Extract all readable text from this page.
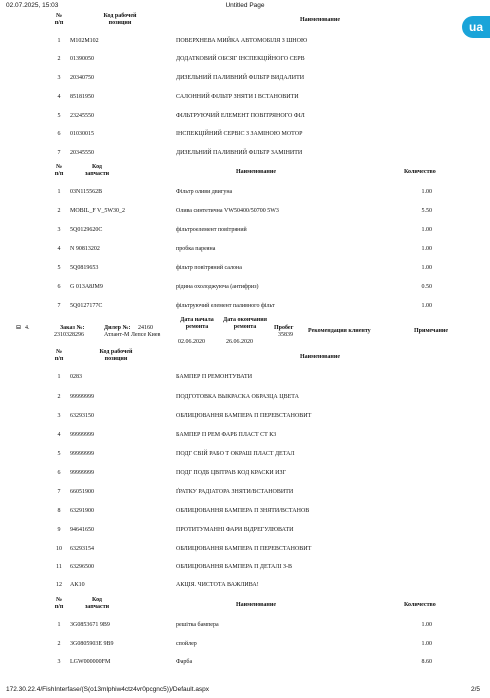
02.07.2025, 15:03	Untitled Page
ua
№ п/п
Код рабочей позиции	Наименование
1	M102M102	ПОВЕРХНЕВА МИЙКА АВТОМОБІЛЯ З ШНОЮ
2	01390050	ДОДАТКОВИЙ ОБСЯГ ІНСПЕКЦІЙНОГО СЕРВ
3	20340750	ДИЗЕЛЬНИЙ ПАЛИВНИЙ ФІЛЬТР ВИДАЛИТИ
4	85181950	САЛОННИЙ ФІЛЬТР ЗНЯТИ І ВСТАНОВИТИ
5	23245550	ФІЛЬТРУЮЧИЙ ЕЛЕМЕНТ ПОВІТРЯНОГО ФІЛ
6	01030015	ІНСПЕКЦІЙНИЙ СЕРВІС З ЗАМІНОЮ МОТОР
7	20345550	ДИЗЕЛЬНИЙ ПАЛИВНИЙ ФІЛЬТР ЗАМІНИТИ
№ п/п
Код запчасти	Наименование	Количество
1	03N115562B	Фільтр оливи двигуна	1.00
2	MOBIL_F V_5W30_2	Олива синтетична VW50400/50700 5W3	5.50
3	5Q0129620C	фільтроелемент повітряний	1.00
4	N 90813202	пробка пареяна	1.00
5	5Q0819653	фільтр повітряний салона	1.00
6	G 013A8JM9	рідина охолоджуюча (антифриз)	0.50
7	5Q0127177C	фільтруючий елемент паливного фільт	1.00
⊟ 4.	Заказ №:
2310328296
Дилер №: 24160
Атлант-М Лепсе Киев
Дата начала ремонта
02.06.2020
Дата окончания ремонта
26.06.2020
Пробег
35839
Рекомендация клиенту	Примечание
№ п/п
Код рабочей позиции	Наименование
1	0283	БАМПЕР П РЕМОНТУВАТИ
2	99999999	ПОДГОТОВКА ВЫКРАСКА ОБРАЗЦА ЦВЕТА
3	63293150	ОБЛИЦЮВАННЯ БАМПЕРА П ПЕРЕВСТАНОВИТ
4	99999999	БАМПЕР П РЕМ ФАРБ ПЛАСТ СТ К3
5	99999999	ПОДГ СВІЙ РАБО Т ОКРАШ ПЛАСТ ДЕТАЛ
6	99999999	ПОДГ ПОДБ ЦВІТРАВ КОД КРАСКИ ИЗГ
7	66051900	ҐРАТКУ РАДІАТОРА ЗНЯТИ/ВСТАНОВИТИ
8	63291900	ОБЛИЦЮВАННЯ БАМПЕРА П ЗНЯТИ/ВСТАНОВ
9	94641650	ПРОТИТУМАННІ ФАРИ ВІДРЕГУЛЮВАТИ
10	63293154	ОБЛИЦЮВАННЯ БАМПЕРА П ПЕРЕВСТАНОВИТ
11	63296500	ОБЛИЦЮВАННЯ БАМПЕРА П ДЕТАЛІ З-В
12	AK10	АКЦІЯ. ЧИСТОТА ВАЖЛИВА!
№ п/п
Код запчасти	Наименование	Количество
1	3G0853671 9B9	решітка бампера	1.00
2	3G0805903E 9B9	спойлер	1.00
3	LGW000000FM	Фарба	8.60
172.30.22.4/FishInterfase/(S(o13mlphiw4ctz4vr0pcgnc5))/Default.aspx	2/5
